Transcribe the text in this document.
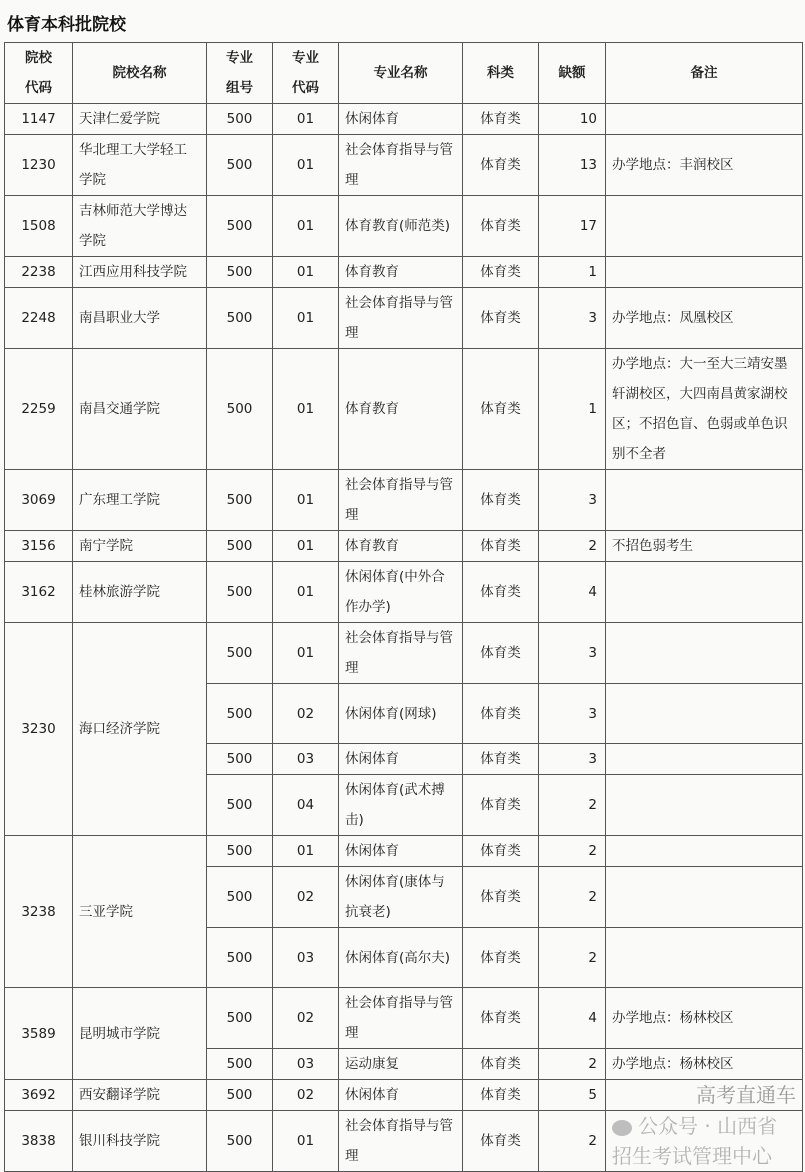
体育本科批院校
院校代码	院校名称	专业组号	专业代码	专业名称	科类	缺额	备注
1147	天津仁爱学院	500	01	休闲体育	体育类	10	
1230	华北理工大学轻工学院	500	01	社会体育指导与管理	体育类	13	办学地点：丰润校区
1508	吉林师范大学博达学院	500	01	体育教育(师范类)	体育类	17	
2238	江西应用科技学院	500	01	体育教育	体育类	1	
2248	南昌职业大学	500	01	社会体育指导与管理	体育类	3	办学地点：凤凰校区
2259	南昌交通学院	500	01	体育教育	体育类	1	办学地点：大一至大三靖安墨轩湖校区，大四南昌黄家湖校区；不招色盲、色弱或单色识别不全者
3069	广东理工学院	500	01	社会体育指导与管理	体育类	3	
3156	南宁学院	500	01	体育教育	体育类	2	不招色弱考生
3162	桂林旅游学院	500	01	休闲体育(中外合作办学)	体育类	4	
3230	海口经济学院	500	01	社会体育指导与管理	体育类	3	
		500	02	休闲体育(网球)	体育类	3	
		500	03	休闲体育	体育类	3	
		500	04	休闲体育(武术搏击)	体育类	2	
3238	三亚学院	500	01	休闲体育	体育类	2	
		500	02	休闲体育(康体与抗衰老)	体育类	2	
		500	03	休闲体育(高尔夫)	体育类	2	
3589	昆明城市学院	500	02	社会体育指导与管理	体育类	4	办学地点：杨林校区
		500	03	运动康复	体育类	2	办学地点：杨林校区
3692	西安翻译学院	500	02	休闲体育	体育类	5	高考直通车

3838	银川科技学院	500	01	社会体育指导与管理	体育类	2	公众号 · 山西省招生考试管理中心
